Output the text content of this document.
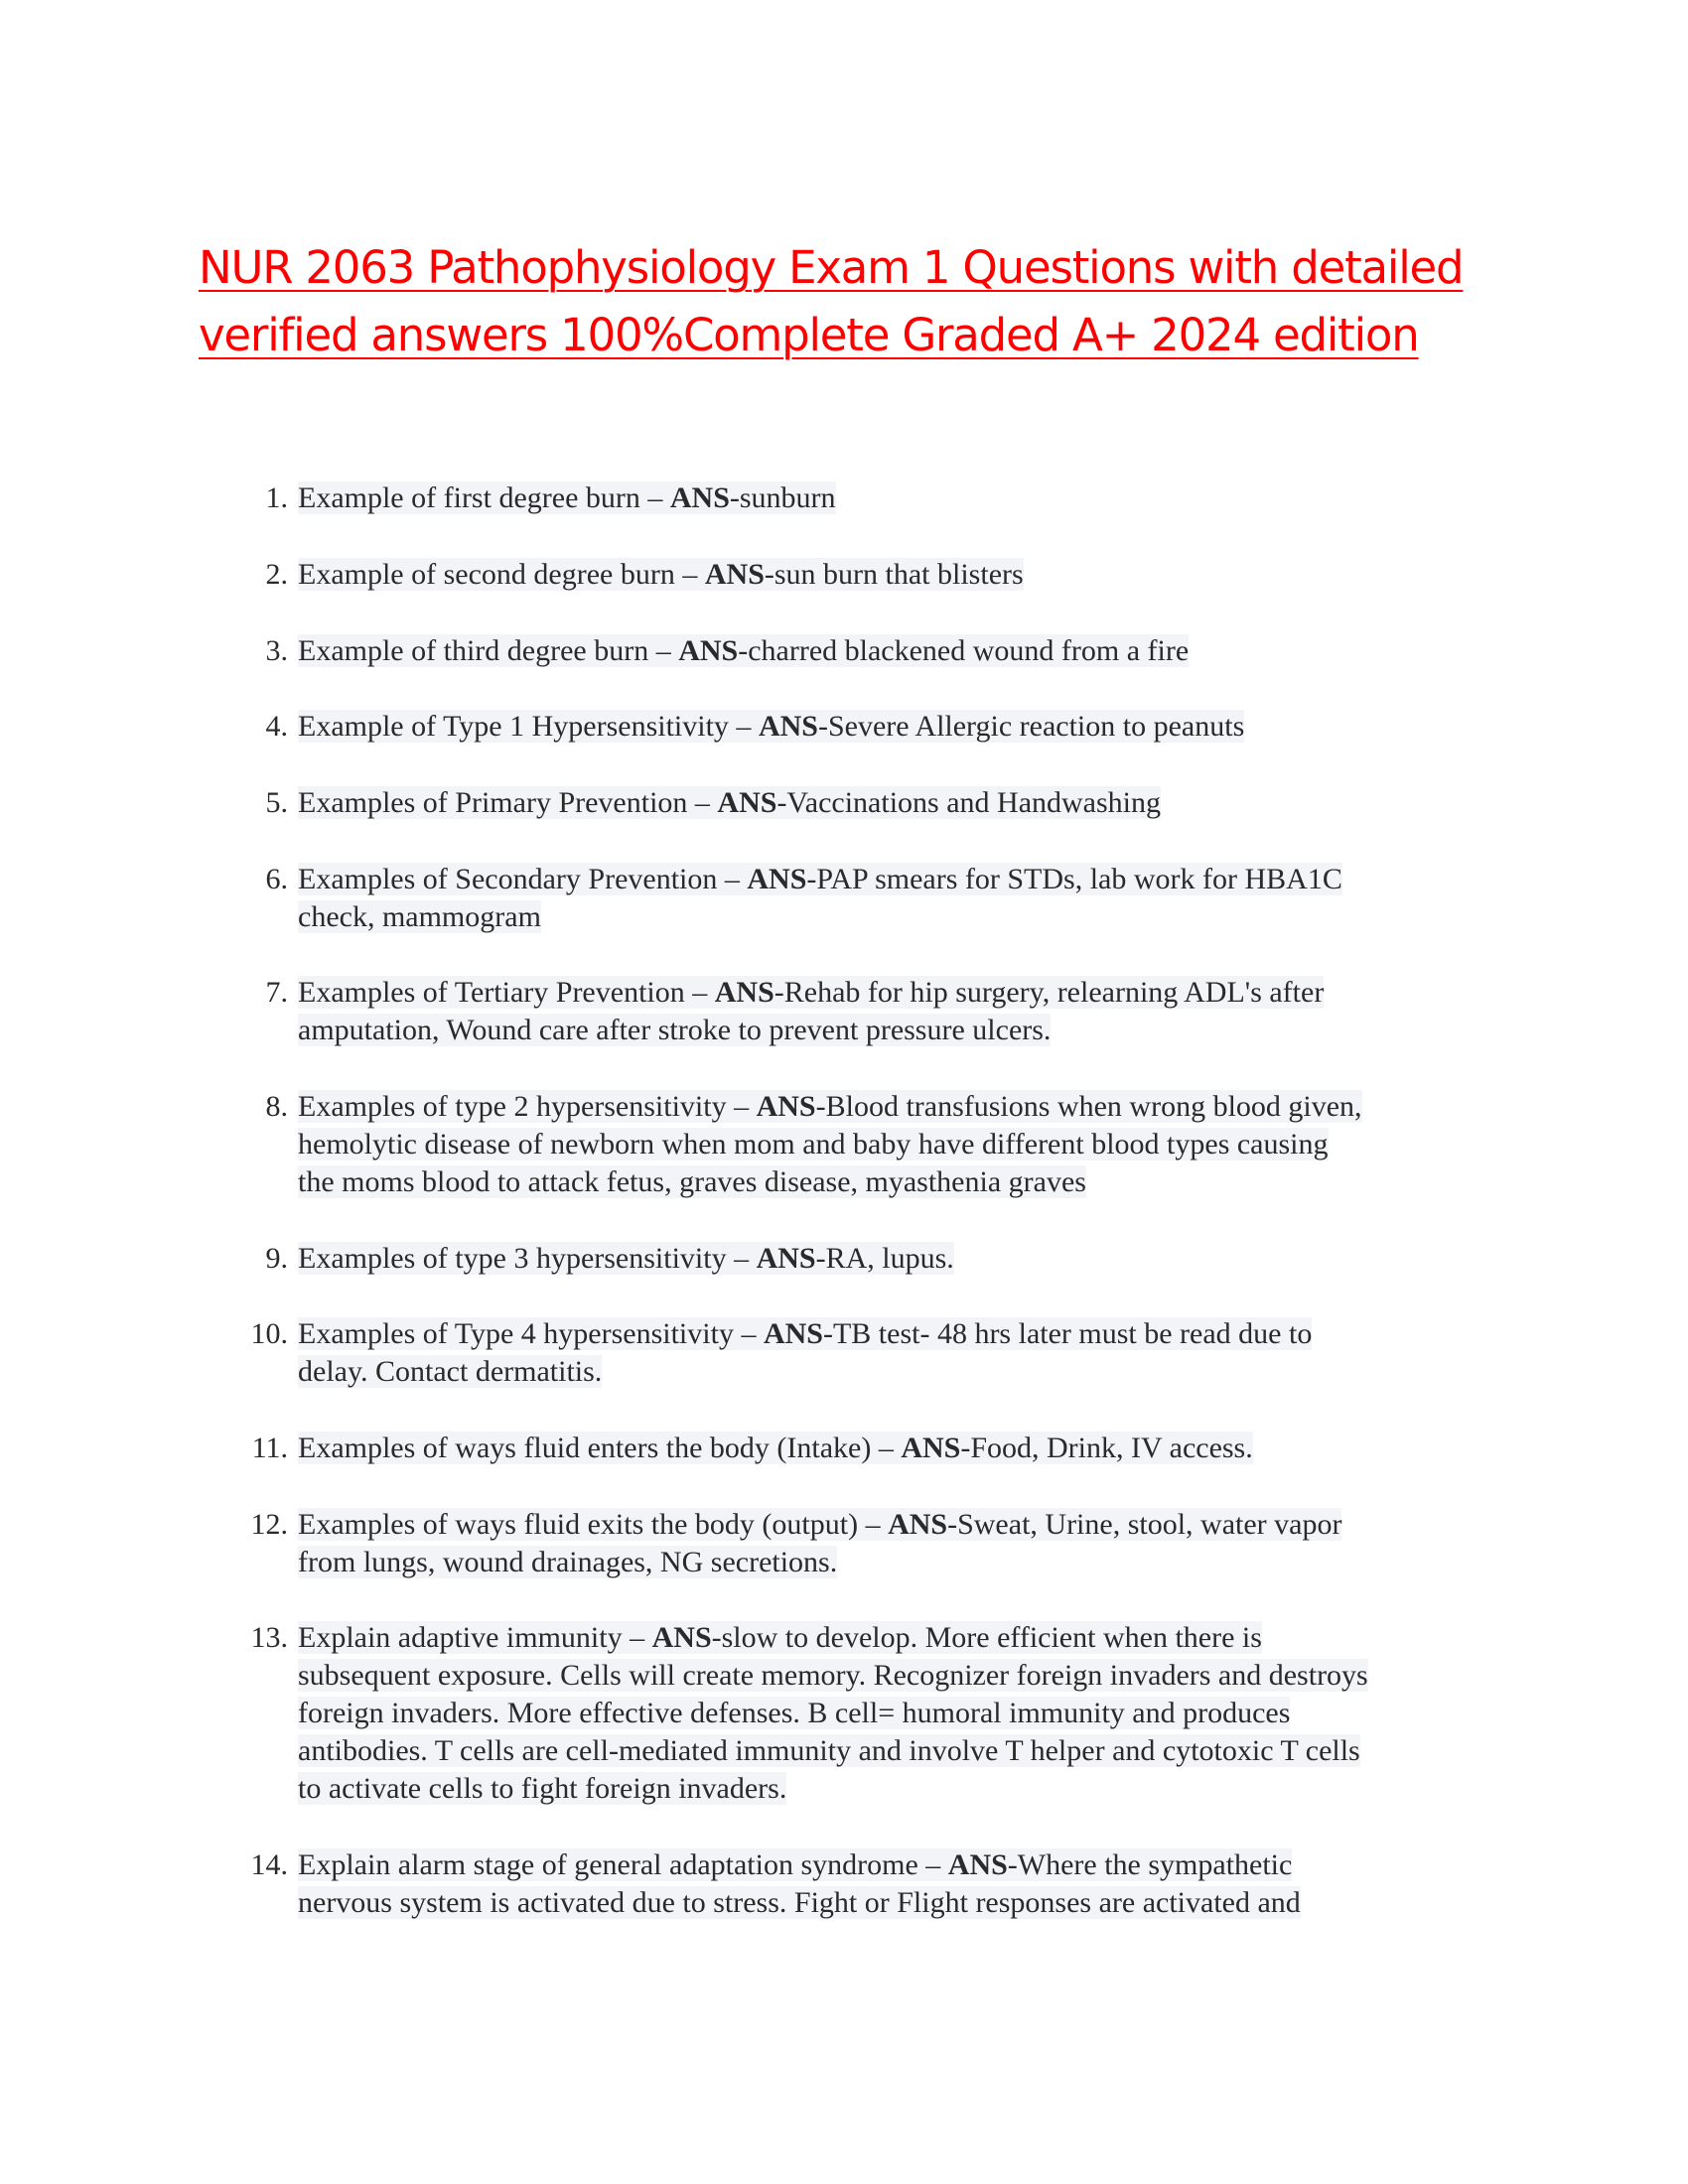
NUR 2063 Pathophysiology Exam 1 Questions with detailed
verified answers 100%Complete Graded A+ 2024 edition
1. Example of first degree burn – ANS-sunburn
2. Example of second degree burn – ANS-sun burn that blisters
3. Example of third degree burn – ANS-charred blackened wound from a fire
4. Example of Type 1 Hypersensitivity – ANS-Severe Allergic reaction to peanuts
5. Examples of Primary Prevention – ANS-Vaccinations and Handwashing
6. Examples of Secondary Prevention – ANS-PAP smears for STDs, lab work for HBA1C
check, mammogram
7. Examples of Tertiary Prevention – ANS-Rehab for hip surgery, relearning ADL's after
amputation, Wound care after stroke to prevent pressure ulcers.
8. Examples of type 2 hypersensitivity – ANS-Blood transfusions when wrong blood given,
hemolytic disease of newborn when mom and baby have different blood types causing
the moms blood to attack fetus, graves disease, myasthenia graves
9. Examples of type 3 hypersensitivity – ANS-RA, lupus.
10. Examples of Type 4 hypersensitivity – ANS-TB test- 48 hrs later must be read due to
delay. Contact dermatitis.
11. Examples of ways fluid enters the body (Intake) – ANS-Food, Drink, IV access.
12. Examples of ways fluid exits the body (output) – ANS-Sweat, Urine, stool, water vapor
from lungs, wound drainages, NG secretions.
13. Explain adaptive immunity – ANS-slow to develop. More efficient when there is
subsequent exposure. Cells will create memory. Recognizer foreign invaders and destroys
foreign invaders. More effective defenses. B cell= humoral immunity and produces
antibodies. T cells are cell-mediated immunity and involve T helper and cytotoxic T cells
to activate cells to fight foreign invaders.
14. Explain alarm stage of general adaptation syndrome – ANS-Where the sympathetic
nervous system is activated due to stress. Fight or Flight responses are activated and
